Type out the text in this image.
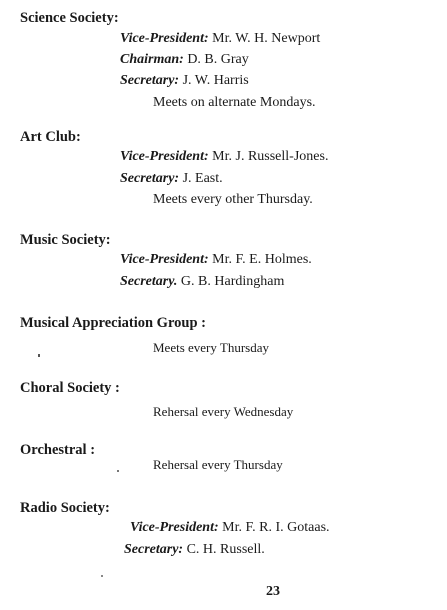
Science Society:
Vice-President: Mr. W. H. Newport
Chairman: D. B. Gray
Secretary: J. W. Harris
Meets on alternate Mondays.
Art Club:
Vice-President: Mr. J. Russell-Jones.
Secretary: J. East.
Meets every other Thursday.
Music Society:
Vice-President: Mr. F. E. Holmes.
Secretary. G. B. Hardingham
Musical Appreciation Group :
Meets every Thursday
Choral Society :
Rehersal every Wednesday
Orchestral :
Rehersal every Thursday
Radio Society:
Vice-President: Mr. F. R. I. Gotaas.
Secretary: C. H. Russell.
23
